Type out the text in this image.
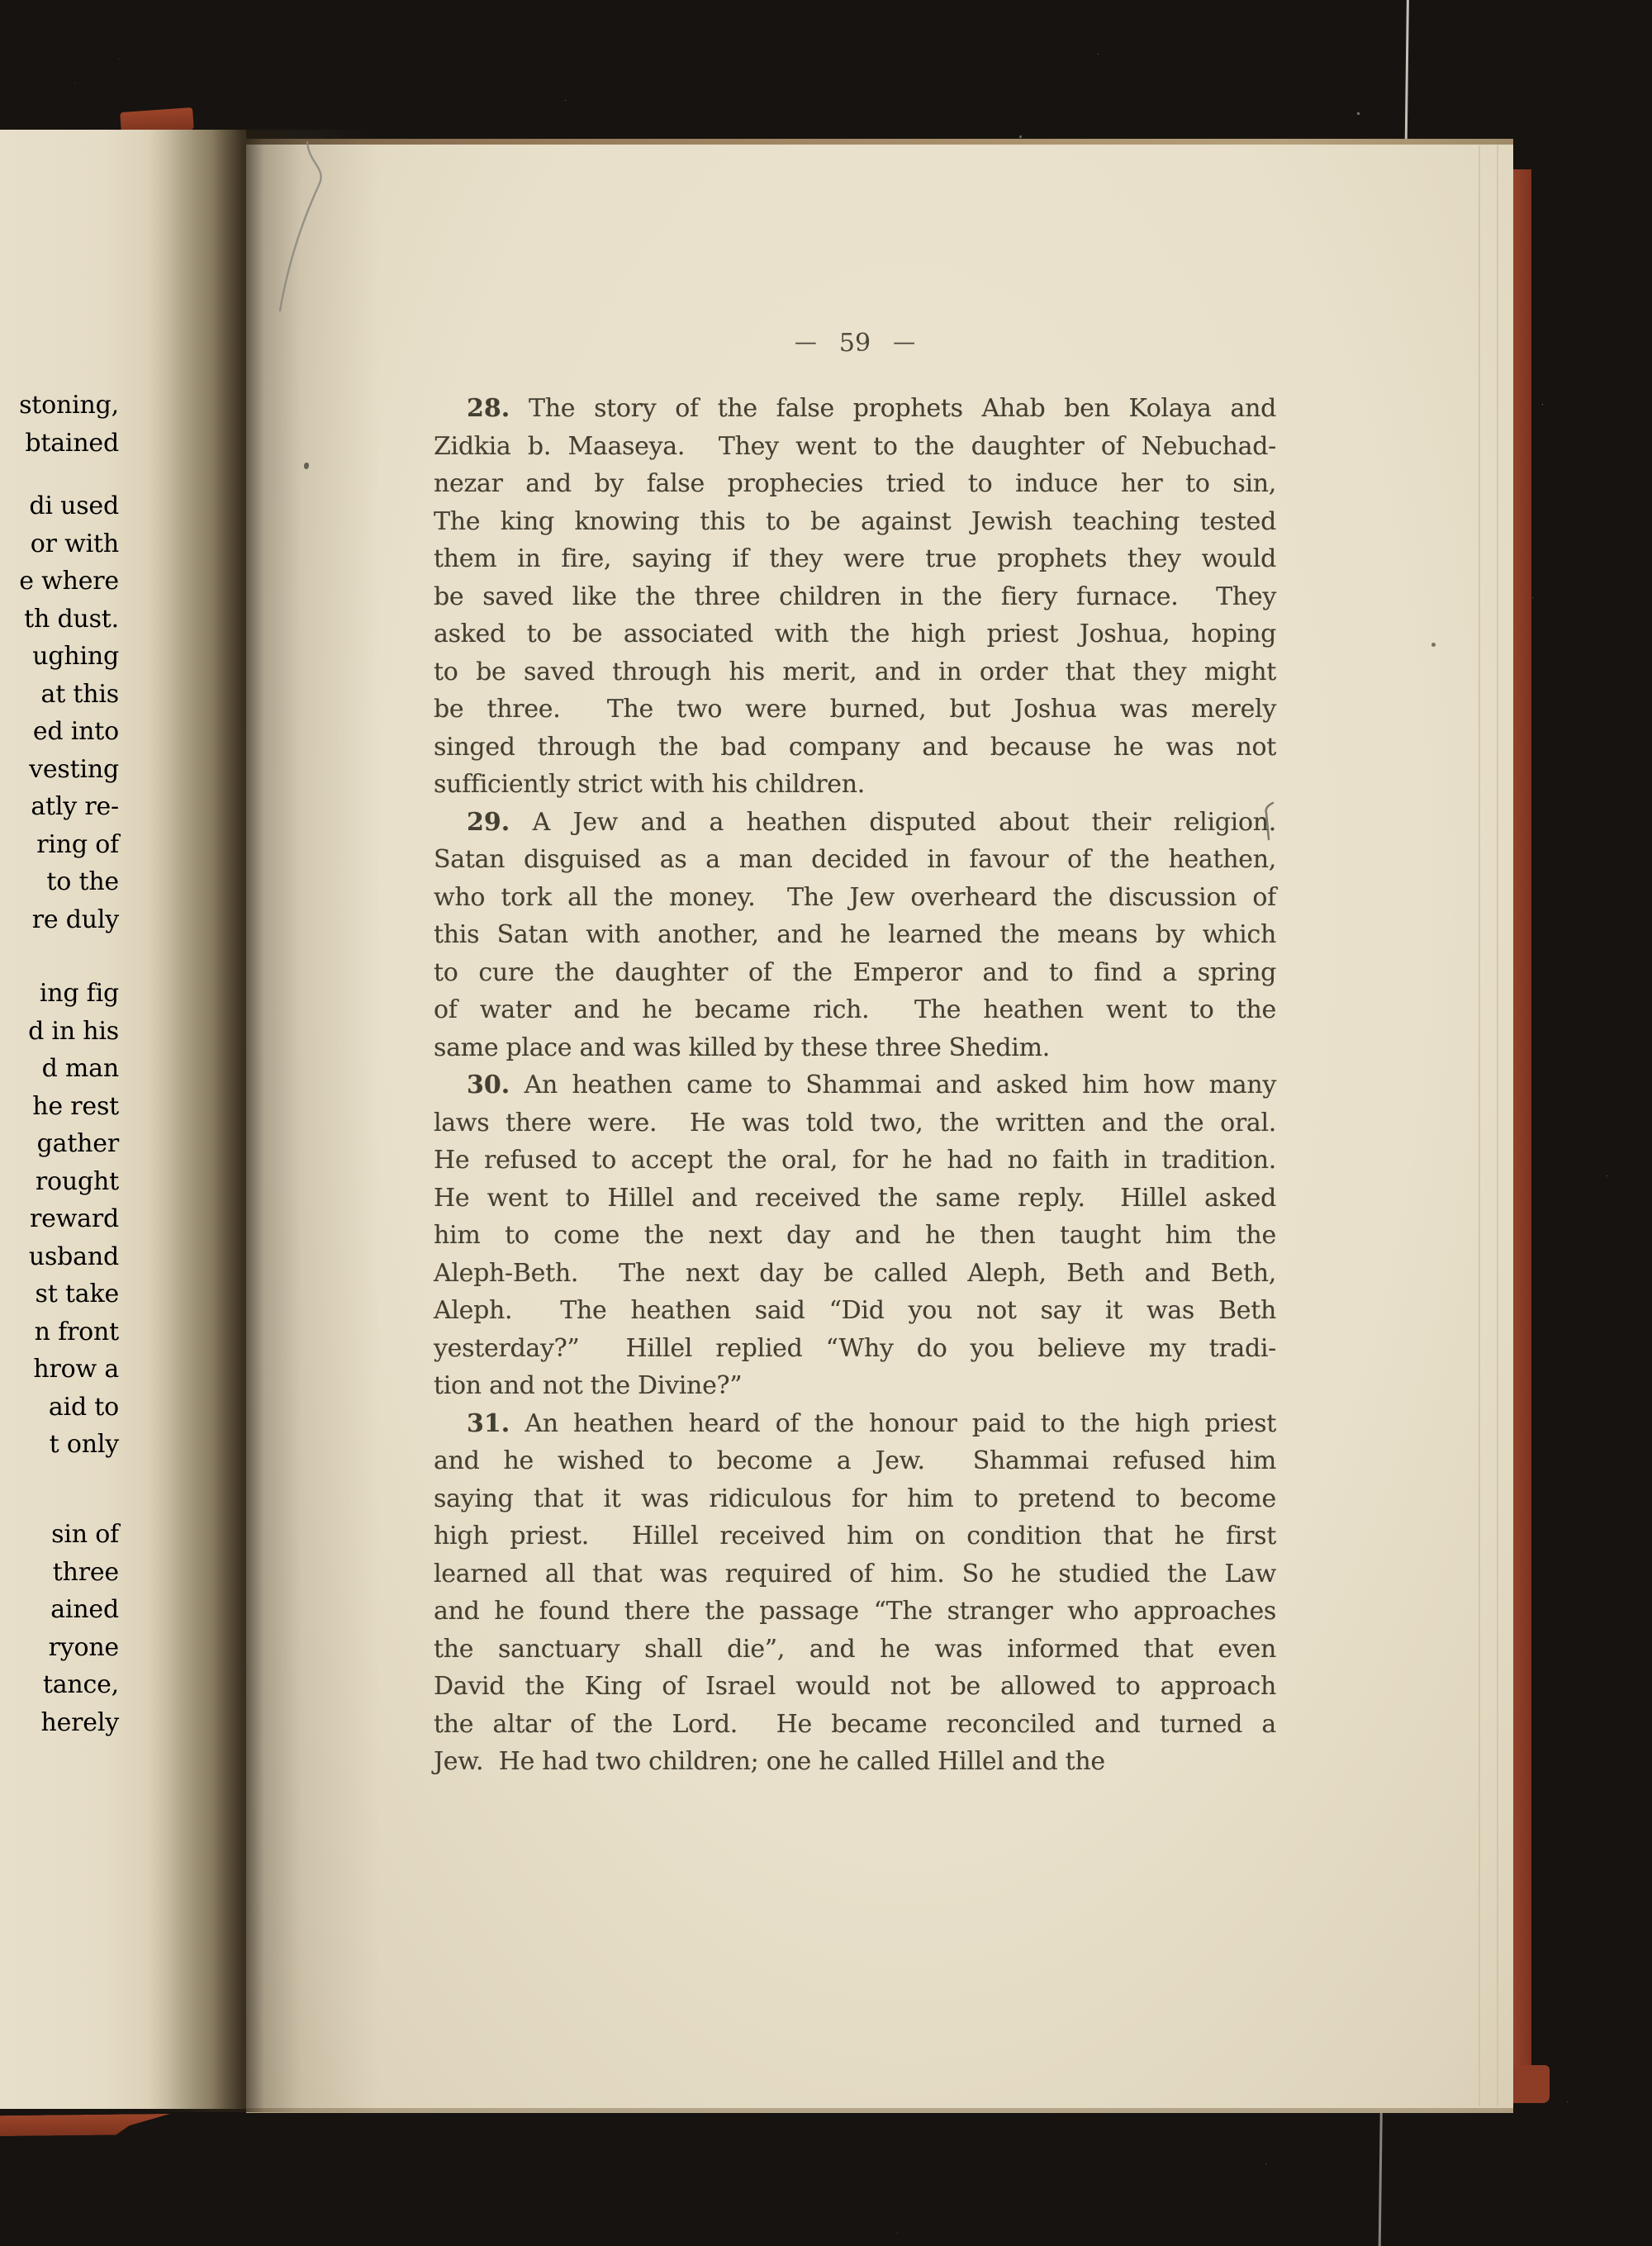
stoning,
btained
di used
or with
e where
th dust.
ughing
at this
ed into
vesting
atly re-
ring of
to the
re duly
ing fig
d in his
d man
he rest
gather
rought
reward
usband
st take
n front
hrow a
aid to
t only
sin of
three
ained
ryone
tance,
herely
— 59 —
28. The story of the false prophets Ahab ben Kolaya and
Zidkia b. Maaseya.  They went to the daughter of Nebuchad-
nezar and by false prophecies tried to induce her to sin,
The king knowing this to be against Jewish teaching tested
them in fire, saying if they were true prophets they would
be saved like the three children in the fiery furnace.  They
asked to be associated with the high priest Joshua, hoping
to be saved through his merit, and in order that they might
be three.  The two were burned, but Joshua was merely
singed through the bad company and because he was not
sufficiently strict with his children.
29. A Jew and a heathen disputed about their religion.
Satan disguised as a man decided in favour of the heathen,
who tork all the money.  The Jew overheard the discussion of
this Satan with another, and he learned the means by which
to cure the daughter of the Emperor and to find a spring
of water and he became rich.  The heathen went to the
same place and was killed by these three Shedim.
30. An heathen came to Shammai and asked him how many
laws there were.  He was told two, the written and the oral.
He refused to accept the oral, for he had no faith in tradition.
He went to Hillel and received the same reply.  Hillel asked
him to come the next day and he then taught him the
Aleph-Beth.  The next day be called Aleph, Beth and Beth,
Aleph.  The heathen said “Did you not say it was Beth
yesterday?”  Hillel replied “Why do you believe my tradi-
tion and not the Divine?”
31. An heathen heard of the honour paid to the high priest
and he wished to become a Jew.  Shammai refused him
saying that it was ridiculous for him to pretend to become
high priest.  Hillel received him on condition that he first
learned all that was required of him. So he studied the Law
and he found there the passage “The stranger who approaches
the sanctuary shall die”, and he was informed that even
David the King of Israel would not be allowed to approach
the altar of the Lord.  He became reconciled and turned a
Jew.  He had two children; one he called Hillel and the
